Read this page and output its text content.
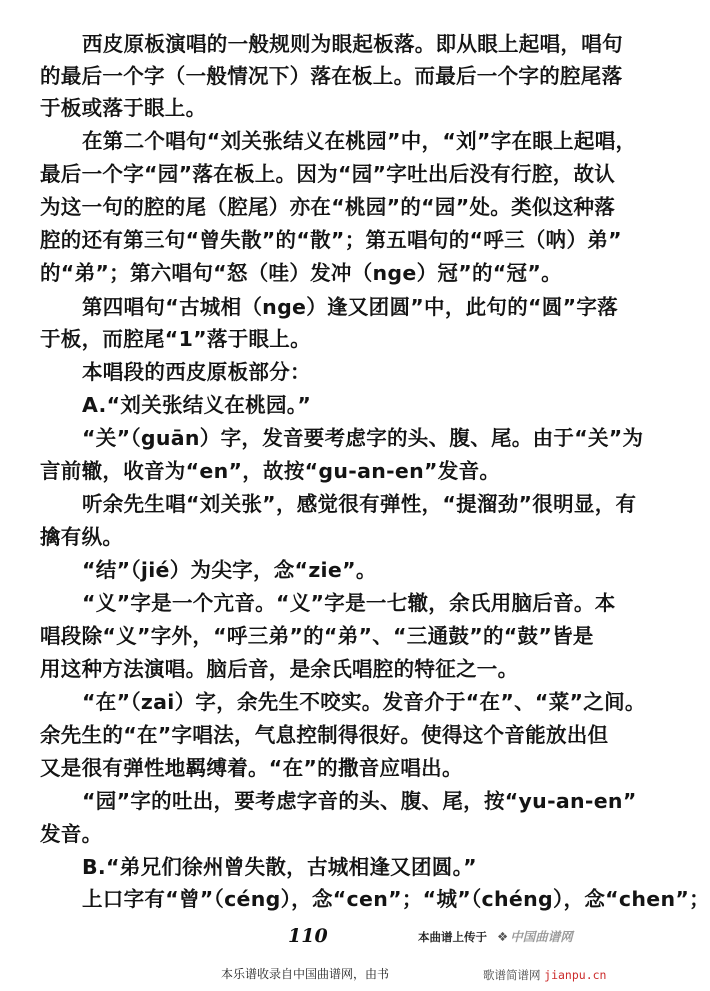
西皮原板演唱的一般规则为眼起板落。即从眼上起唱，唱句
的最后一个字（一般情况下）落在板上。而最后一个字的腔尾落
于板或落于眼上。
在第二个唱句“刘关张结义在桃园”中，“刘”字在眼上起唱，
最后一个字“园”落在板上。因为“园”字吐出后没有行腔，故认
为这一句的腔的尾（腔尾）亦在“桃园”的“园”处。类似这种落
腔的还有第三句“曾失散”的“散”；第五唱句的“呼三（呐）弟”
的“弟”；第六唱句“怒（哇）发冲（nge）冠”的“冠”。
第四唱句“古城相（nge）逢又团圆”中，此句的“圆”字落
于板，而腔尾“1”落于眼上。
本唱段的西皮原板部分：
A.“刘关张结义在桃园。”
“关”（guān）字，发音要考虑字的头、腹、尾。由于“关”为
言前辙，收音为“en”，故按“gu-an-en”发音。
听余先生唱“刘关张”，感觉很有弹性，“提溜劲”很明显，有
擒有纵。
“结”（jié）为尖字，念“zie”。
“义”字是一个亢音。“义”字是一七辙，余氏用脑后音。本
唱段除“义”字外，“呼三弟”的“弟”、“三通鼓”的“鼓”皆是
用这种方法演唱。脑后音，是余氏唱腔的特征之一。
“在”（zai）字，余先生不咬实。发音介于“在”、“菜”之间。
余先生的“在”字唱法，气息控制得很好。使得这个音能放出但
又是很有弹性地羁缚着。“在”的撒音应唱出。
“园”字的吐出，要考虑字音的头、腹、尾，按“yu-an-en”
发音。
B.“弟兄们徐州曾失散，古城相逢又团圆。”
上口字有“曾”（céng），念“cen”；“城”（chéng），念“chen”；
110	本曲谱上传于 ❖ 中国曲谱网
本乐谱收录自中国曲谱网，由书	歌谱简谱网 jianpu.cn
